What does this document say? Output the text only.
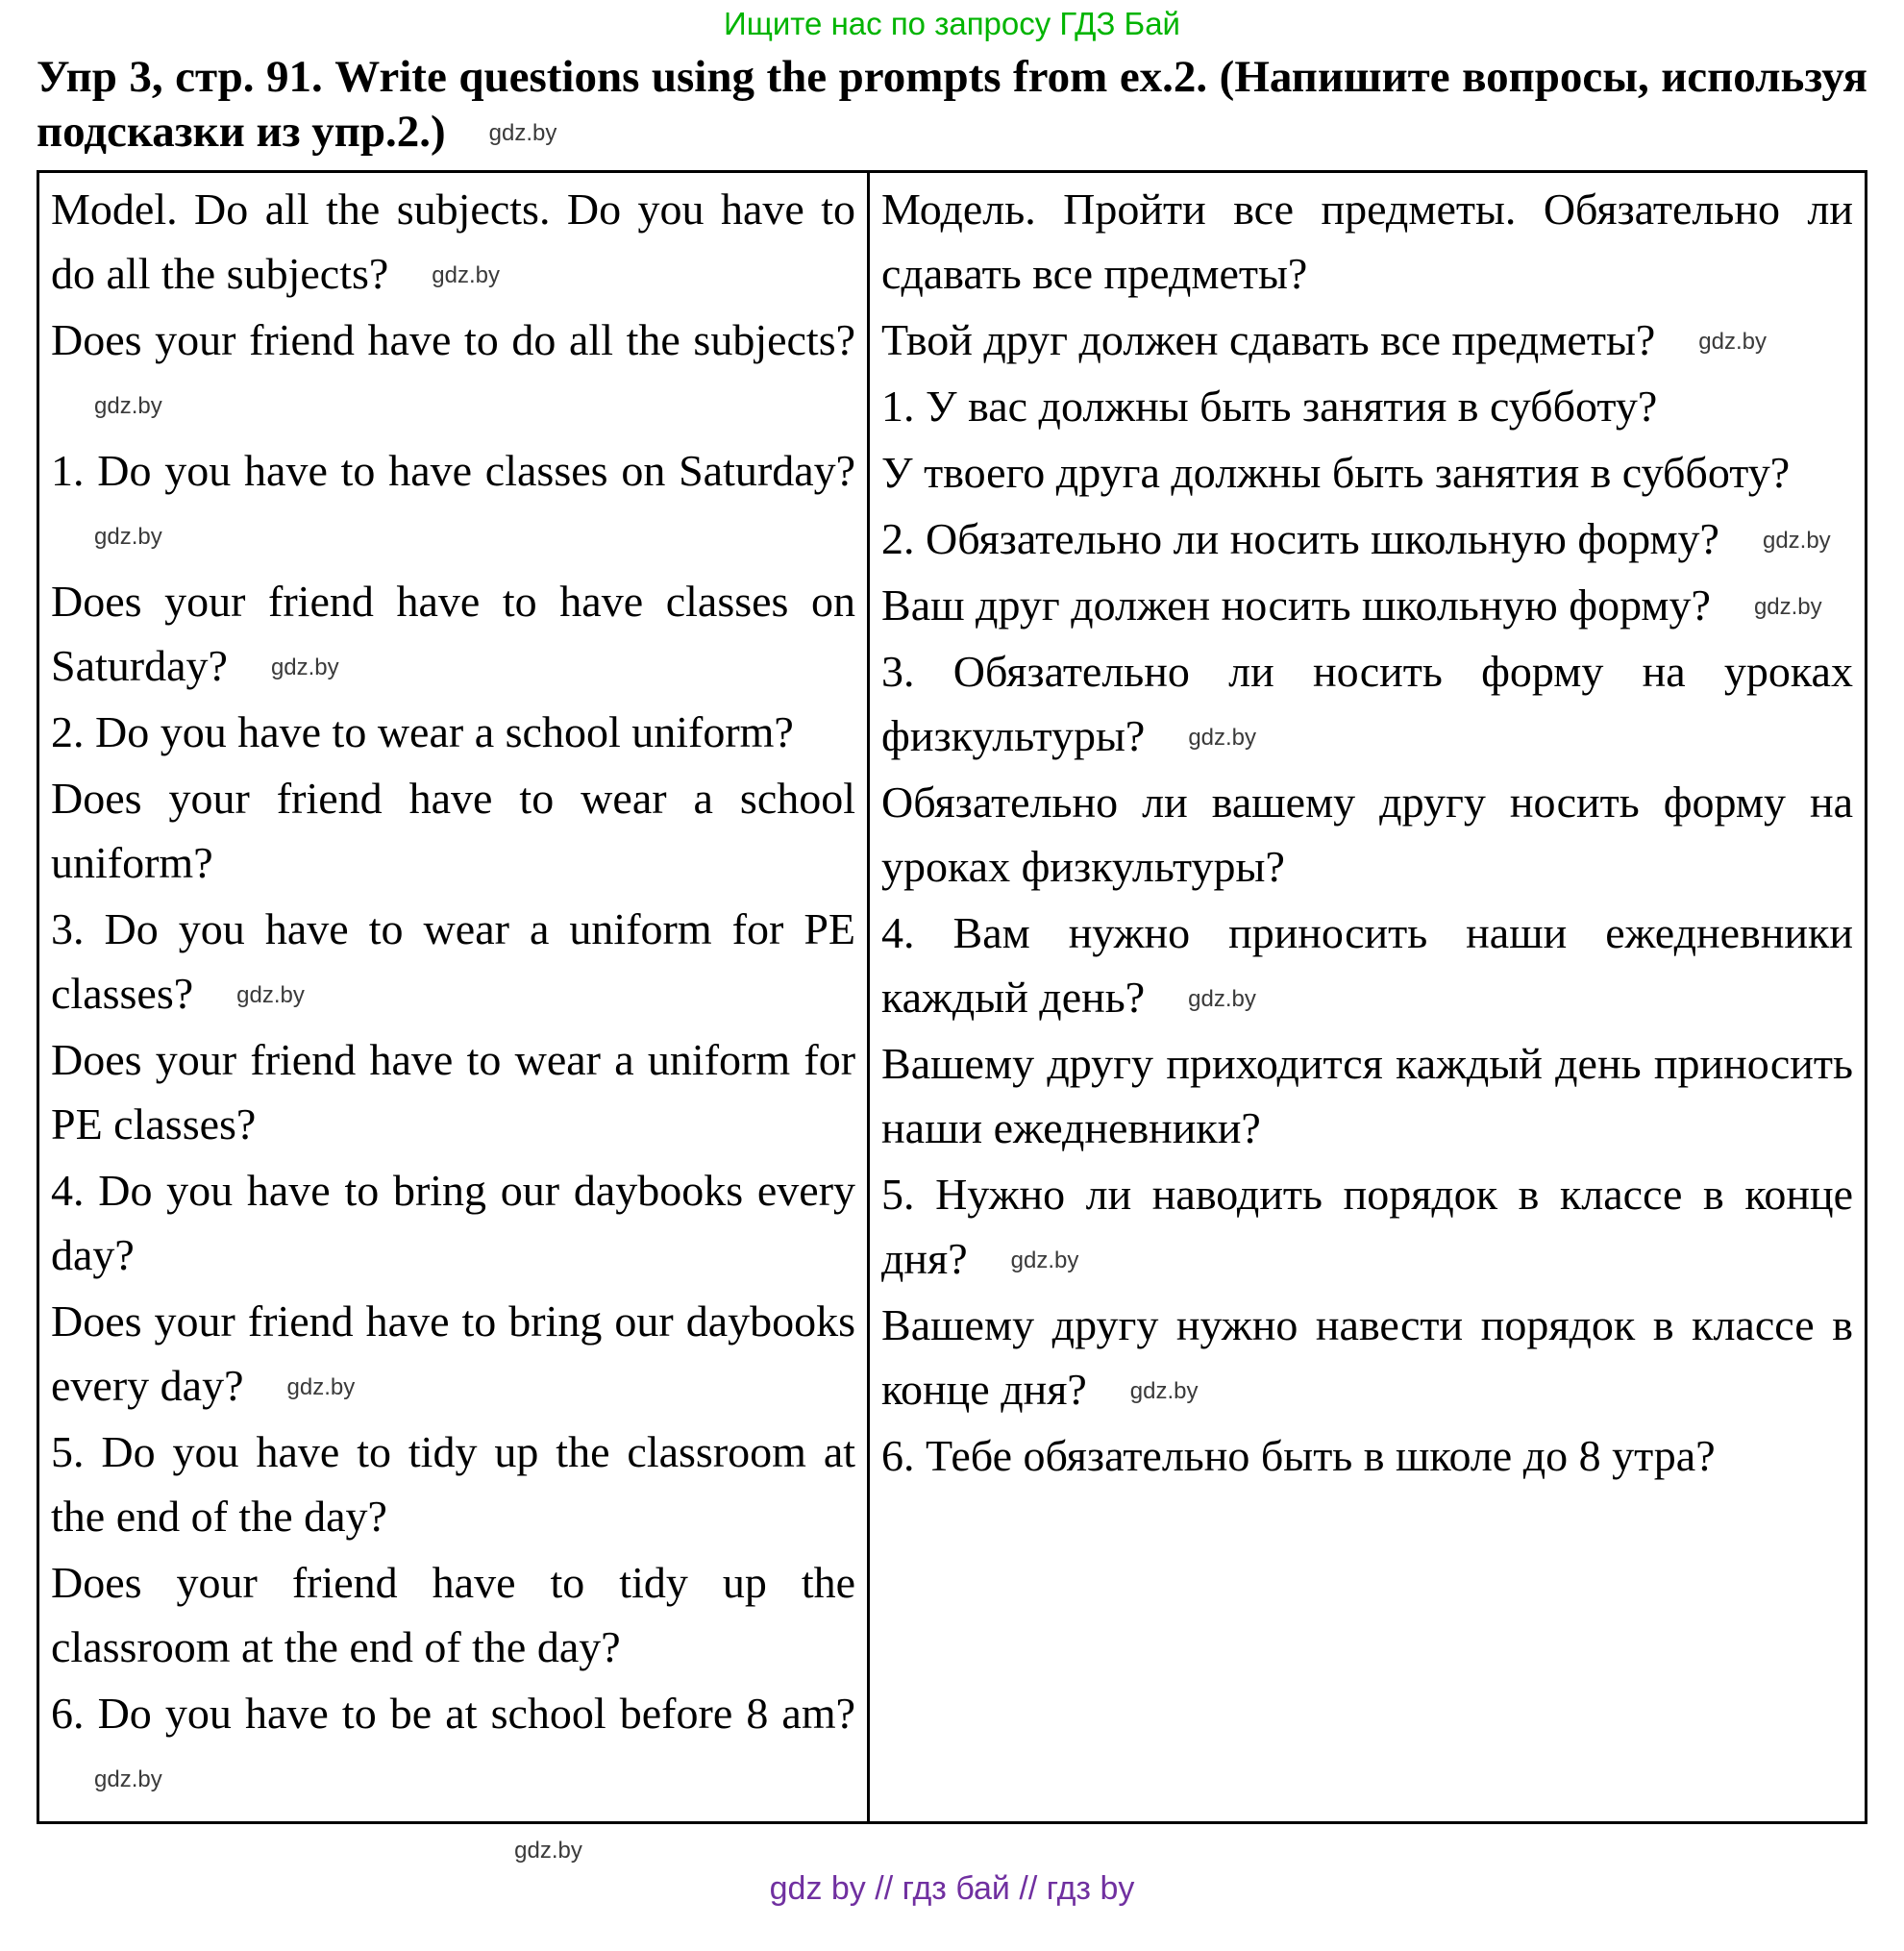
Ищите нас по запросу ГДЗ Бай
Упр 3, стр. 91. Write questions using the prompts from ex.2. (Напишите вопросы, используя подсказки из упр.2.) gdz.by

Model. Do all the subjects. Do you have to do all the subjects? gdz.by

Does your friend have to do all the subjects?gdz.by

1. Do you have to have classes on Saturday?gdz.by

Does your friend have to have classes on Saturday? gdz.by

2. Do you have to wear a school uniform?

Does your friend have to wear a school uniform?

3. Do you have to wear a uniform for PE classes? gdz.by

Does your friend have to wear a uniform for PE classes?

4. Do you have to bring our daybooks every day?

Does your friend have to bring our daybooks every day? gdz.by

5. Do you have to tidy up the classroom at the end of the day?

Does your friend have to tidy up the classroom at the end of the day?

6. Do you have to be at school before 8 am?gdz.by

Модель. Пройти все предметы. Обязательно ли сдавать все предметы?

Твой друг должен сдавать все предметы? gdz.by

1. У вас должны быть занятия в субботу?

У твоего друга должны быть занятия в субботу?

2. Обязательно ли носить школьную форму? gdz.by

Ваш друг должен носить школьную форму? gdz.by

3. Обязательно ли носить форму на уроках физкультуры? gdz.by

Обязательно ли вашему другу носить форму на уроках физкультуры?

4. Вам нужно приносить наши ежедневники каждый день? gdz.by

Вашему другу приходится каждый день приносить наши ежедневники?

5. Нужно ли наводить порядок в классе в конце дня? gdz.by

Вашему другу нужно навести порядок в классе в конце дня? gdz.by

6. Тебе обязательно быть в школе до 8 утра?

gdz.by
gdz by // гдз бай // гдз by
